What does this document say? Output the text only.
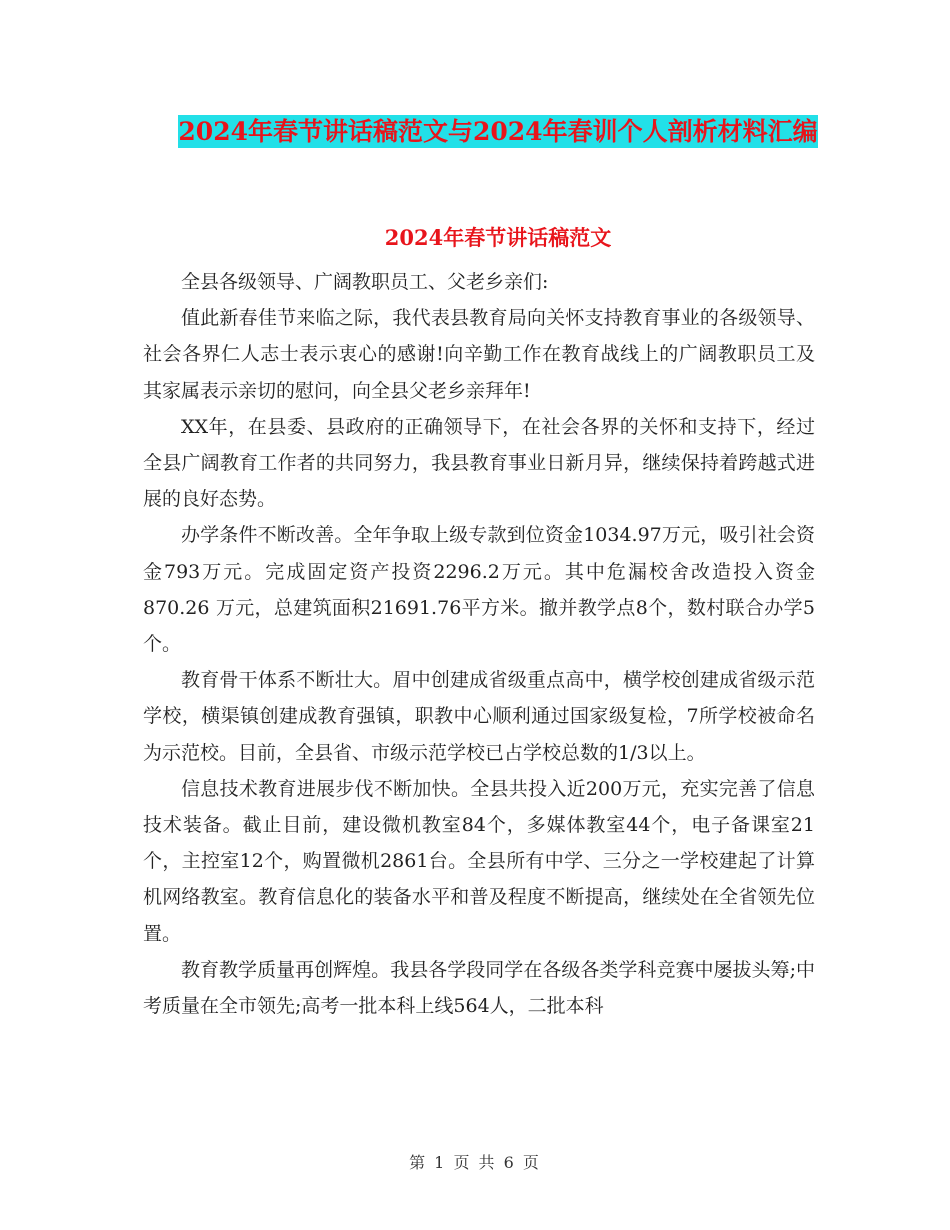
2024年春节讲话稿范文与2024年春训个人剖析材料汇编
2024年春节讲话稿范文

全县各级领导、广阔教职员工、父老乡亲们:

值此新春佳节来临之际，我代表县教育局向关怀支持教育事业的各级领导、社会各界仁人志士表示衷心的感谢!向辛勤工作在教育战线上的广阔教职员工及其家属表示亲切的慰问，向全县父老乡亲拜年!

XX年，在县委、县政府的正确领导下，在社会各界的关怀和支持下，经过全县广阔教育工作者的共同努力，我县教育事业日新月异，继续保持着跨越式进展的良好态势。

办学条件不断改善。全年争取上级专款到位资金1034.97万元，吸引社会资金793万元。完成固定资产投资2296.2万元。其中危漏校舍改造投入资金 870.26 万元，总建筑面积21691.76平方米。撤并教学点8个，数村联合办学5个。

教育骨干体系不断壮大。眉中创建成省级重点高中，横学校创建成省级示范学校，横渠镇创建成教育强镇，职教中心顺利通过国家级复检，7所学校被命名为示范校。目前，全县省、市级示范学校已占学校总数的1/3以上。

信息技术教育进展步伐不断加快。全县共投入近200万元，充实完善了信息技术装备。截止目前，建设微机教室84个，多媒体教室44个，电子备课室21个，主控室12个，购置微机2861台。全县所有中学、三分之一学校建起了计算机网络教室。教育信息化的装备水平和普及程度不断提高，继续处在全省领先位置。

教育教学质量再创辉煌。我县各学段同学在各级各类学科竞赛中屡拔头筹;中考质量在全市领先;高考一批本科上线564人，二批本科

第 1 页 共 6 页
